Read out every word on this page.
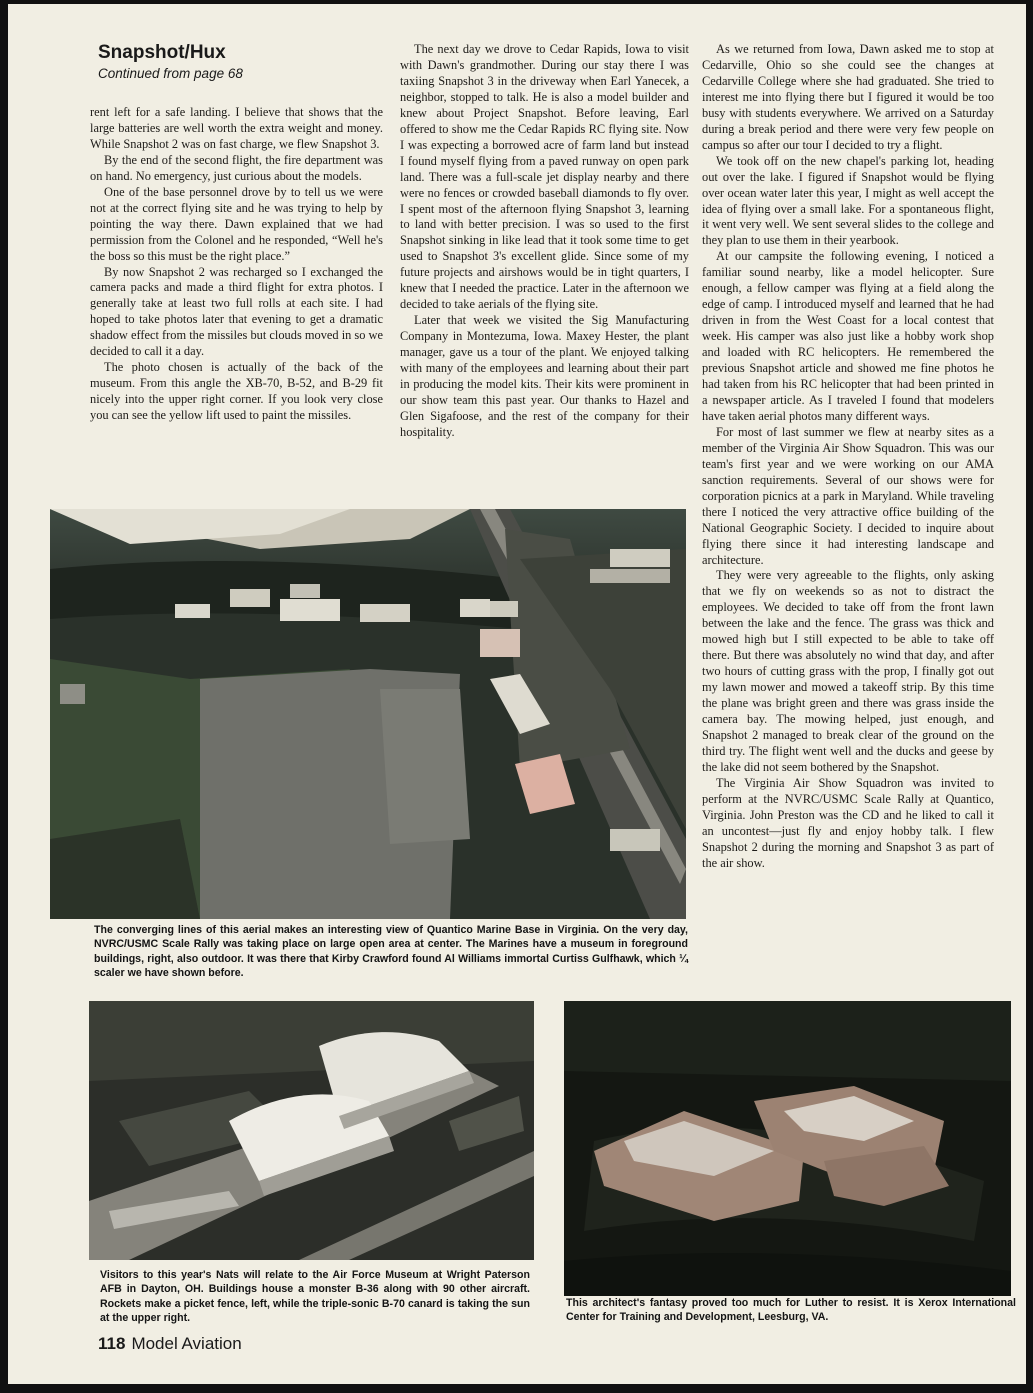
Snapshot/Hux
Continued from page 68

rent left for a safe landing. I believe that shows that the large batteries are well worth the extra weight and money. While Snapshot 2 was on fast charge, we flew Snapshot 3.

By the end of the second flight, the fire department was on hand. No emergency, just curious about the models.

One of the base personnel drove by to tell us we were not at the correct flying site and he was trying to help by pointing the way there. Dawn explained that we had permission from the Colonel and he responded, “Well he's the boss so this must be the right place.”

By now Snapshot 2 was recharged so I exchanged the camera packs and made a third flight for extra photos. I generally take at least two full rolls at each site. I had hoped to take photos later that evening to get a dramatic shadow effect from the missiles but clouds moved in so we decided to call it a day.

The photo chosen is actually of the back of the museum. From this angle the XB-70, B-52, and B-29 fit nicely into the upper right corner. If you look very close you can see the yellow lift used to paint the missiles.

The next day we drove to Cedar Rapids, Iowa to visit with Dawn's grandmother. During our stay there I was taxiing Snapshot 3 in the driveway when Earl Yanecek, a neighbor, stopped to talk. He is also a model builder and knew about Project Snapshot. Before leaving, Earl offered to show me the Cedar Rapids RC flying site. Now I was expecting a borrowed acre of farm land but instead I found myself flying from a paved runway on open park land. There was a full-scale jet display nearby and there were no fences or crowded baseball diamonds to fly over. I spent most of the afternoon flying Snapshot 3, learning to land with better precision. I was so used to the first Snapshot sinking in like lead that it took some time to get used to Snapshot 3's excellent glide. Since some of my future projects and airshows would be in tight quarters, I knew that I needed the practice. Later in the afternoon we decided to take aerials of the flying site.

Later that week we visited the Sig Manufacturing Company in Montezuma, Iowa. Maxey Hester, the plant manager, gave us a tour of the plant. We enjoyed talking with many of the employees and learning about their part in producing the model kits. Their kits were prominent in our show team this past year. Our thanks to Hazel and Glen Sigafoose, and the rest of the company for their hospitality.

As we returned from Iowa, Dawn asked me to stop at Cedarville, Ohio so she could see the changes at Cedarville College where she had graduated. She tried to interest me into flying there but I figured it would be too busy with students everywhere. We arrived on a Saturday during a break period and there were very few people on campus so after our tour I decided to try a flight.

We took off on the new chapel's parking lot, heading out over the lake. I figured if Snapshot would be flying over ocean water later this year, I might as well accept the idea of flying over a small lake. For a spontaneous flight, it went very well. We sent several slides to the college and they plan to use them in their yearbook.

At our campsite the following evening, I noticed a familiar sound nearby, like a model helicopter. Sure enough, a fellow camper was flying at a field along the edge of camp. I introduced myself and learned that he had driven in from the West Coast for a local contest that week. His camper was also just like a hobby work shop and loaded with RC helicopters. He remembered the previous Snapshot article and showed me fine photos he had taken from his RC helicopter that had been printed in a newspaper article. As I traveled I found that modelers have taken aerial photos many different ways.

For most of last summer we flew at nearby sites as a member of the Virginia Air Show Squadron. This was our team's first year and we were working on our AMA sanction requirements. Several of our shows were for corporation picnics at a park in Maryland. While traveling there I noticed the very attractive office building of the National Geographic Society. I decided to inquire about flying there since it had interesting landscape and architecture.

They were very agreeable to the flights, only asking that we fly on weekends so as not to distract the employees. We decided to take off from the front lawn between the lake and the fence. The grass was thick and mowed high but I still expected to be able to take off there. But there was absolutely no wind that day, and after two hours of cutting grass with the prop, I finally got out my lawn mower and mowed a takeoff strip. By this time the plane was bright green and there was grass inside the camera bay. The mowing helped, just enough, and Snapshot 2 managed to break clear of the ground on the third try. The flight went well and the ducks and geese by the lake did not seem bothered by the Snapshot.

The Virginia Air Show Squadron was invited to perform at the NVRC/USMC Scale Rally at Quantico, Virginia. John Preston was the CD and he liked to call it an uncontest—just fly and enjoy hobby talk. I flew Snapshot 2 during the morning and Snapshot 3 as part of the air show.

The converging lines of this aerial makes an interesting view of Quantico Marine Base in Virginia. On the very day, NVRC/USMC Scale Rally was taking place on large open area at center. The Marines have a museum in foreground buildings, right, also outdoor. It was there that Kirby Crawford found Al Williams immortal Curtiss Gulfhawk, which ¼ scaler we have shown before.
Visitors to this year's Nats will relate to the Air Force Museum at Wright Paterson AFB in Dayton, OH. Buildings house a monster B-36 along with 90 other aircraft. Rockets make a picket fence, left, while the triple-sonic B-70 canard is taking the sun at the upper right.
This architect's fantasy proved too much for Luther to resist. It is Xerox International Center for Training and Development, Leesburg, VA.
118 Model Aviation
